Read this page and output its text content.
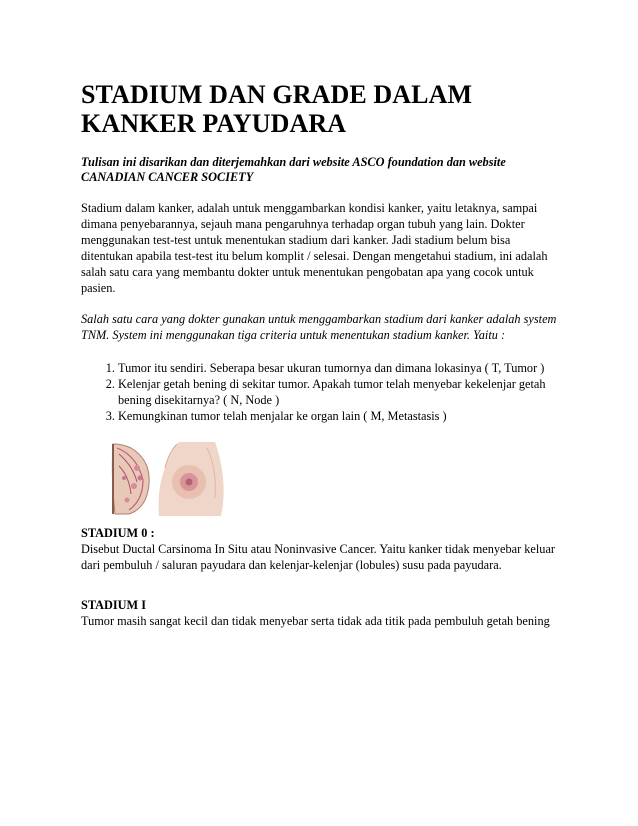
STADIUM DAN GRADE DALAM
KANKER PAYUDARA
Tulisan ini disarikan dan diterjemahkan dari website ASCO foundation dan website CANADIAN CANCER SOCIETY

Stadium dalam kanker, adalah untuk menggambarkan kondisi kanker, yaitu letaknya, sampai dimana penyebarannya, sejauh mana pengaruhnya terhadap organ tubuh yang lain. Dokter menggunakan test-test untuk menentukan stadium dari kanker. Jadi stadium belum bisa ditentukan apabila test-test itu belum komplit / selesai. Dengan mengetahui stadium, ini adalah salah satu cara yang membantu dokter untuk menentukan pengobatan apa yang cocok untuk pasien.

Salah satu cara yang dokter gunakan untuk menggambarkan stadium dari kanker adalah system TNM. System ini menggunakan tiga criteria untuk menentukan stadium kanker. Yaitu :

1. Tumor itu sendiri. Seberapa besar ukuran tumornya dan dimana lokasinya ( T, Tumor )
2. Kelenjar getah bening di sekitar tumor. Apakah tumor telah menyebar kekelenjar getah bening disekitarnya? ( N, Node )
3. Kemungkinan tumor telah menjalar ke organ lain ( M, Metastasis )
STADIUM 0 :

Disebut Ductal Carsinoma In Situ atau Noninvasive Cancer. Yaitu kanker tidak menyebar keluar dari pembuluh / saluran payudara dan kelenjar-kelenjar (lobules) susu pada payudara.

STADIUM I

Tumor masih sangat kecil dan tidak menyebar serta tidak ada titik pada pembuluh getah bening
